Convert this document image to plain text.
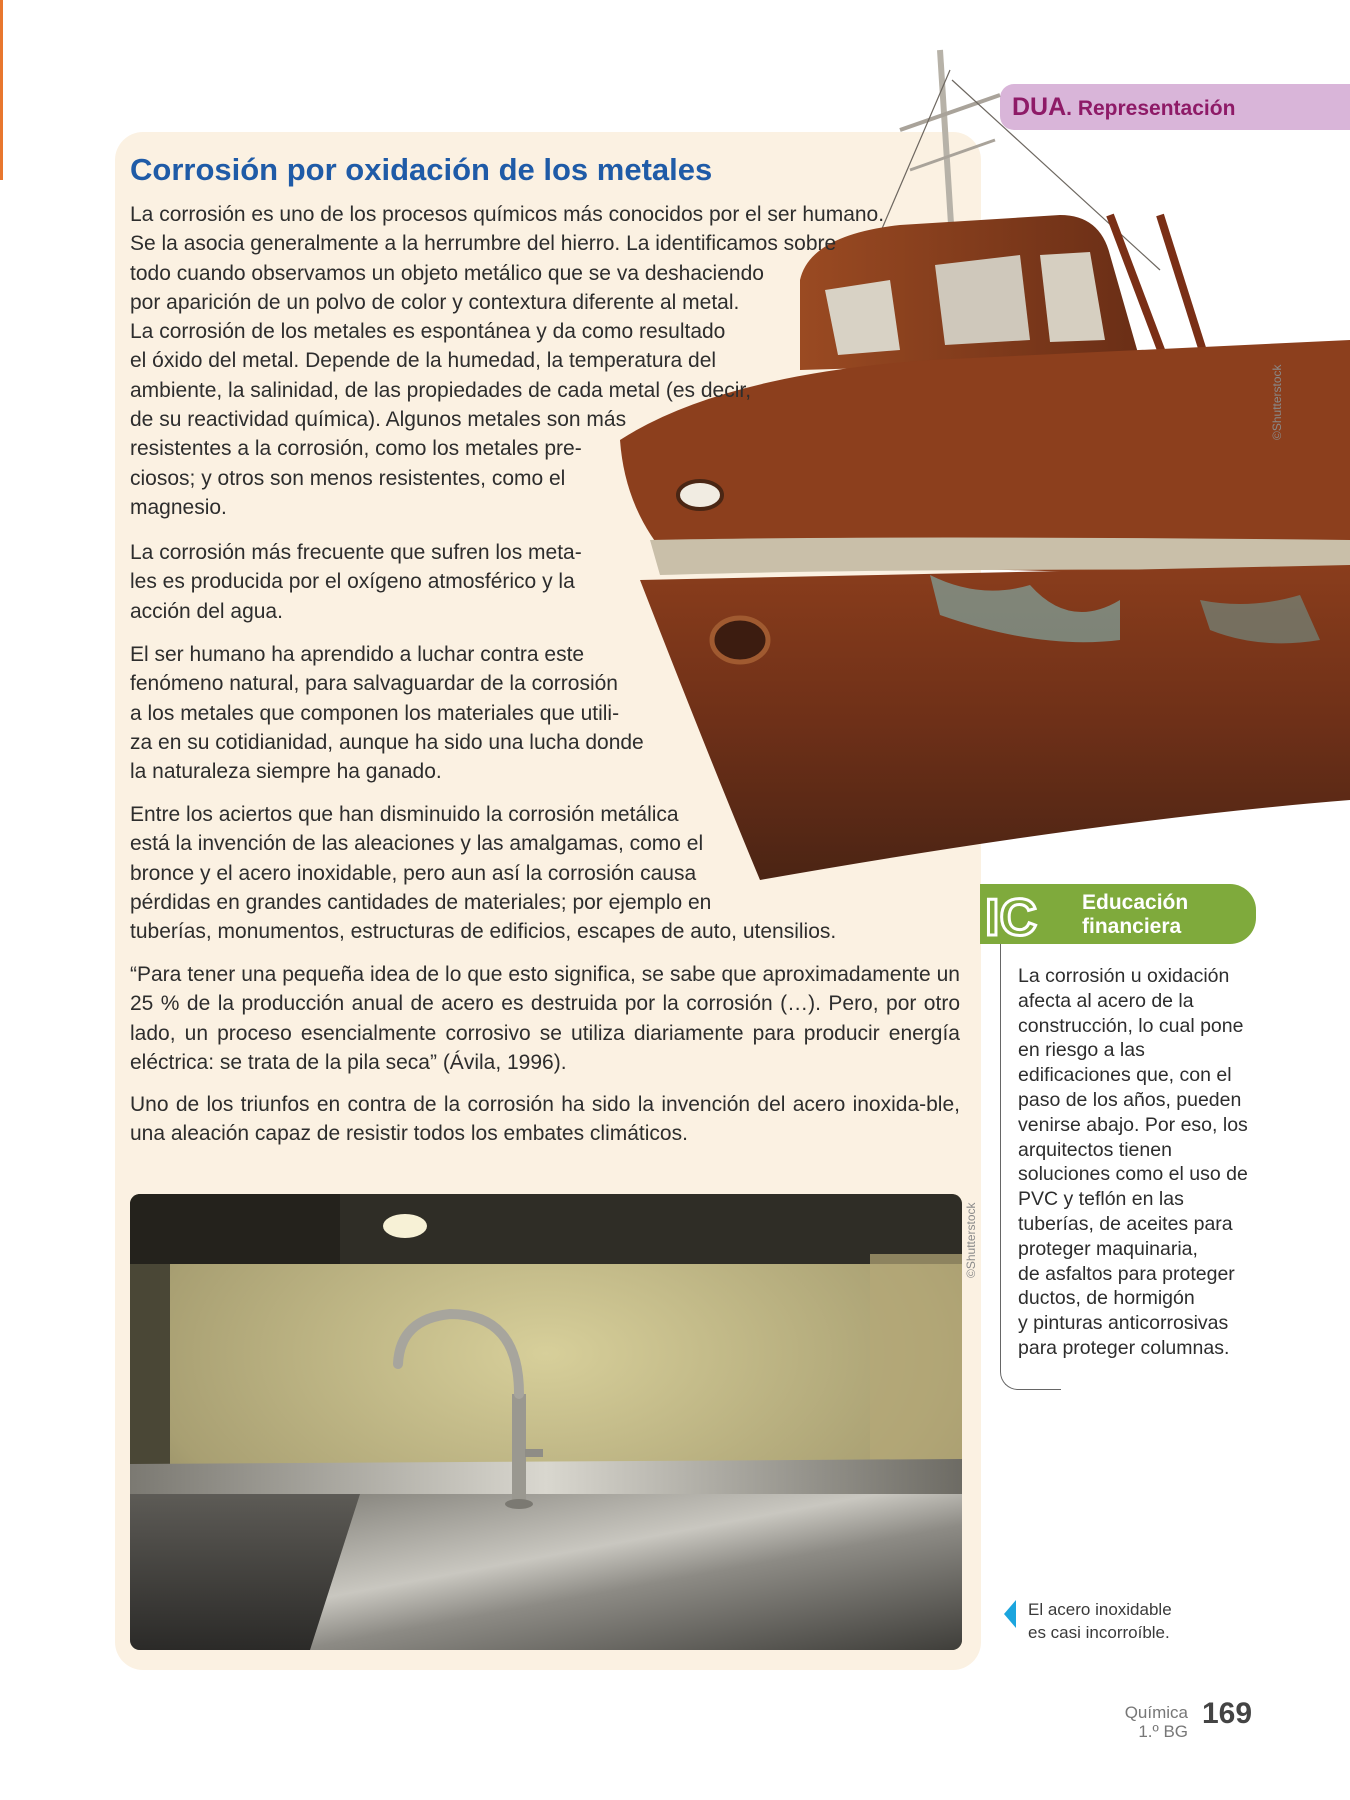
DUA. Representación
©Shutterstock
Corrosión por oxidación de los metales

La corrosión es uno de los procesos químicos más conocidos por el ser humano.
Se la asocia generalmente a la herrumbre del hierro. La identificamos sobre
todo cuando observamos un objeto metálico que se va deshaciendo
por aparición de un polvo de color y contextura diferente al metal.
La corrosión de los metales es espontánea y da como resultado
el óxido del metal. Depende de la humedad, la temperatura del
ambiente, la salinidad, de las propiedades de cada metal (es decir,
de su reactividad química). Algunos metales son más
resistentes a la corrosión, como los metales pre-
ciosos; y otros son menos resistentes, como el
magnesio.

La corrosión más frecuente que sufren los meta-
les es producida por el oxígeno atmosférico y la
acción del agua.

El ser humano ha aprendido a luchar contra este
fenómeno natural, para salvaguardar de la corrosión
a los metales que componen los materiales que utili-
za en su cotidianidad, aunque ha sido una lucha donde
la naturaleza siempre ha ganado.

Entre los aciertos que han disminuido la corrosión metálica
está la invención de las aleaciones y las amalgamas, como el
bronce y el acero inoxidable, pero aun así la corrosión causa
pérdidas en grandes cantidades de materiales; por ejemplo en
tuberías, monumentos, estructuras de edificios, escapes de auto, utensilios.

“Para tener una pequeña idea de lo que esto significa, se sabe que aproximadamente un 25 % de la producción anual de acero es destruida por la corrosión (…). Pero, por otro lado, un proceso esencialmente corrosivo se utiliza diariamente para producir energía eléctrica: se trata de la pila seca” (Ávila, 1996).

Uno de los triunfos en contra de la corrosión ha sido la invención del acero inoxida-ble, una aleación capaz de resistir todos los embates climáticos.

©Shutterstock
IC Educación
financiera

La corrosión u oxidación
afecta al acero de la
construcción, lo cual pone
en riesgo a las
edificaciones que, con el
paso de los años, pueden
venirse abajo. Por eso, los
arquitectos tienen
soluciones como el uso de
PVC y teflón en las
tuberías, de aceites para
proteger maquinaria,
de asfaltos para proteger
ductos, de hormigón
y pinturas anticorrosivas
para proteger columnas.

El acero inoxidable
es casi incorroíble.

Química

1.º BG

169
